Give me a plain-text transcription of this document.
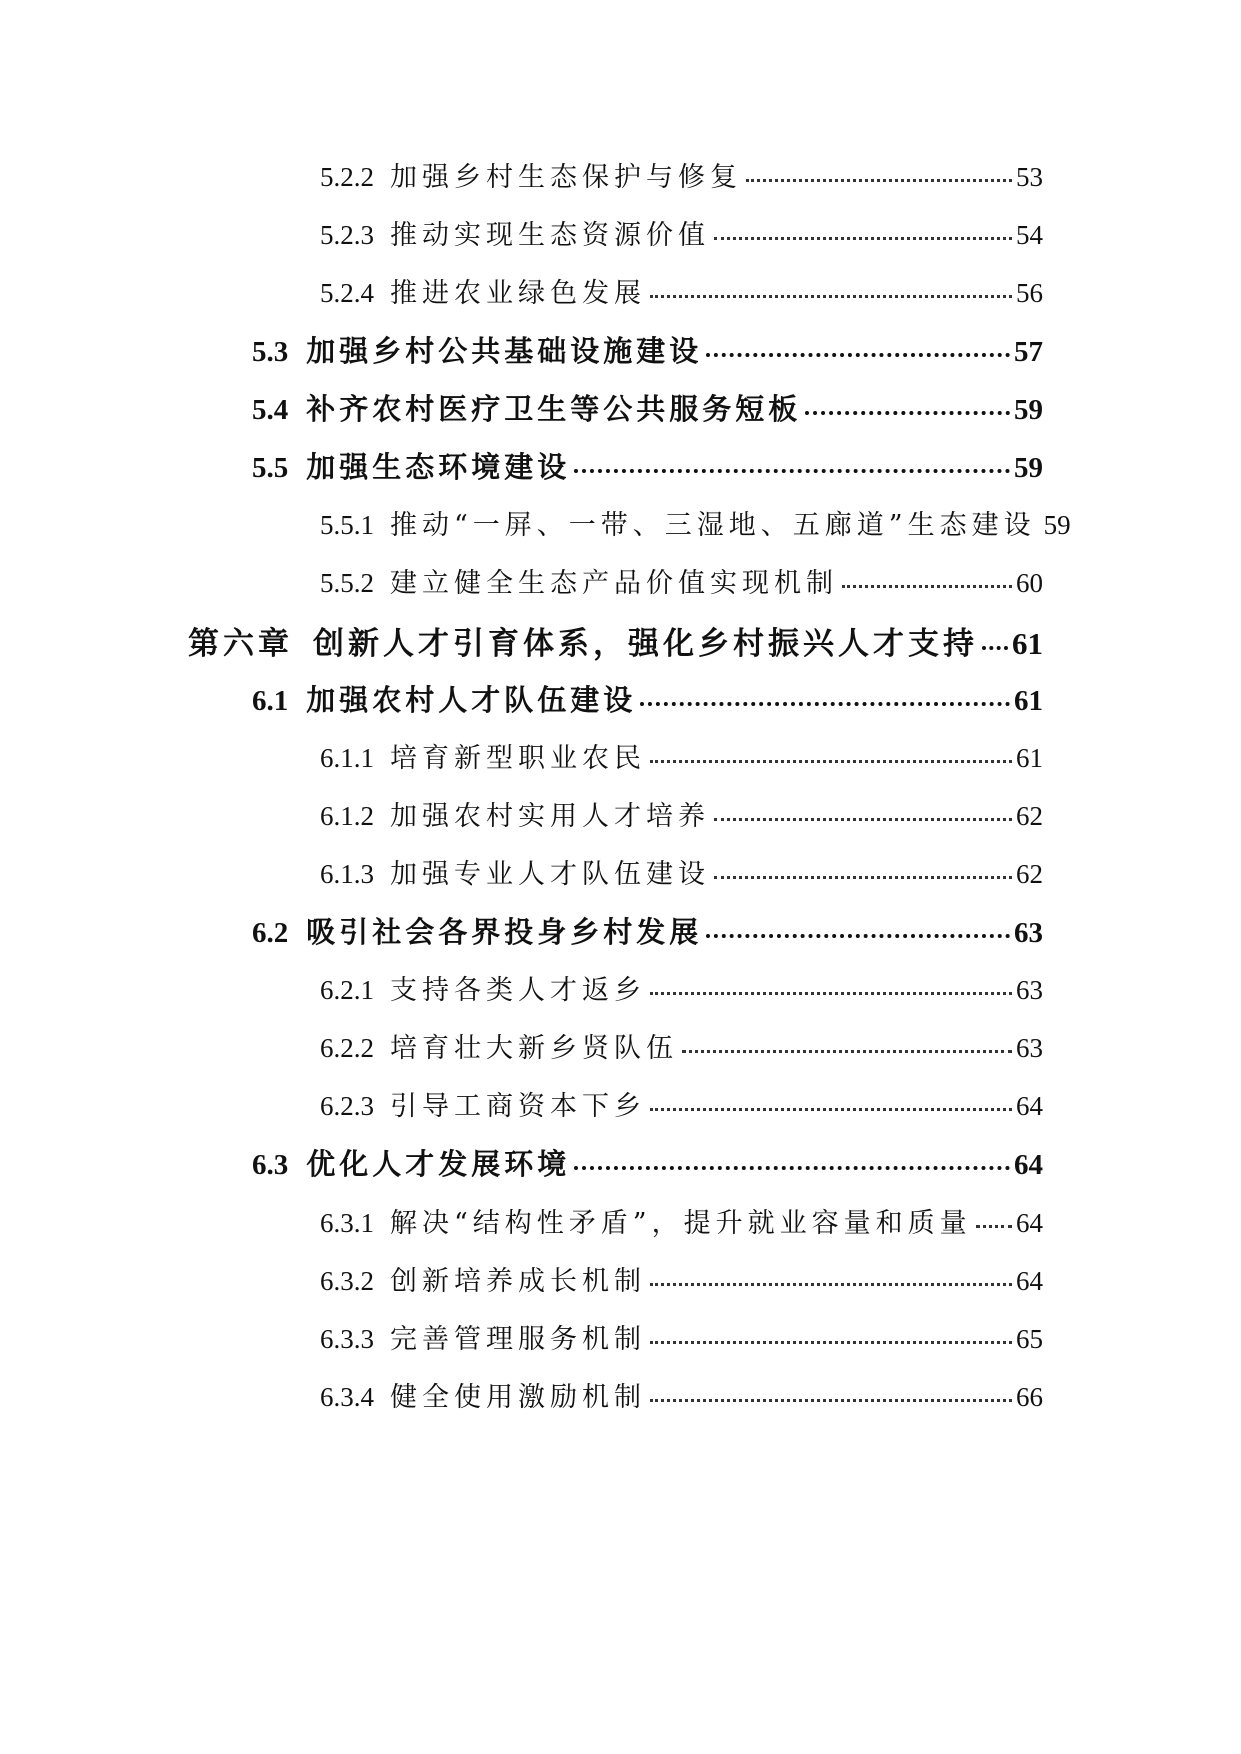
5.2.2 加强乡村生态保护与修复	53
5.2.3 推动实现生态资源价值	54
5.2.4 推进农业绿色发展	56
5.3 加强乡村公共基础设施建设	57
5.4 补齐农村医疗卫生等公共服务短板	59
5.5 加强生态环境建设	59
5.5.1 推动“一屏、一带、三湿地、五廊道”生态建设 59
5.5.2 建立健全生态产品价值实现机制	60
第六章 创新人才引育体系，强化乡村振兴人才支持 61
6.1 加强农村人才队伍建设	61
6.1.1 培育新型职业农民	61
6.1.2 加强农村实用人才培养	62
6.1.3 加强专业人才队伍建设	62
6.2 吸引社会各界投身乡村发展	63
6.2.1 支持各类人才返乡	63
6.2.2 培育壮大新乡贤队伍	63
6.2.3 引导工商资本下乡	64
6.3 优化人才发展环境	64
6.3.1 解决“结构性矛盾”，提升就业容量和质量 64
6.3.2 创新培养成长机制	64
6.3.3 完善管理服务机制	65
6.3.4 健全使用激励机制	66
